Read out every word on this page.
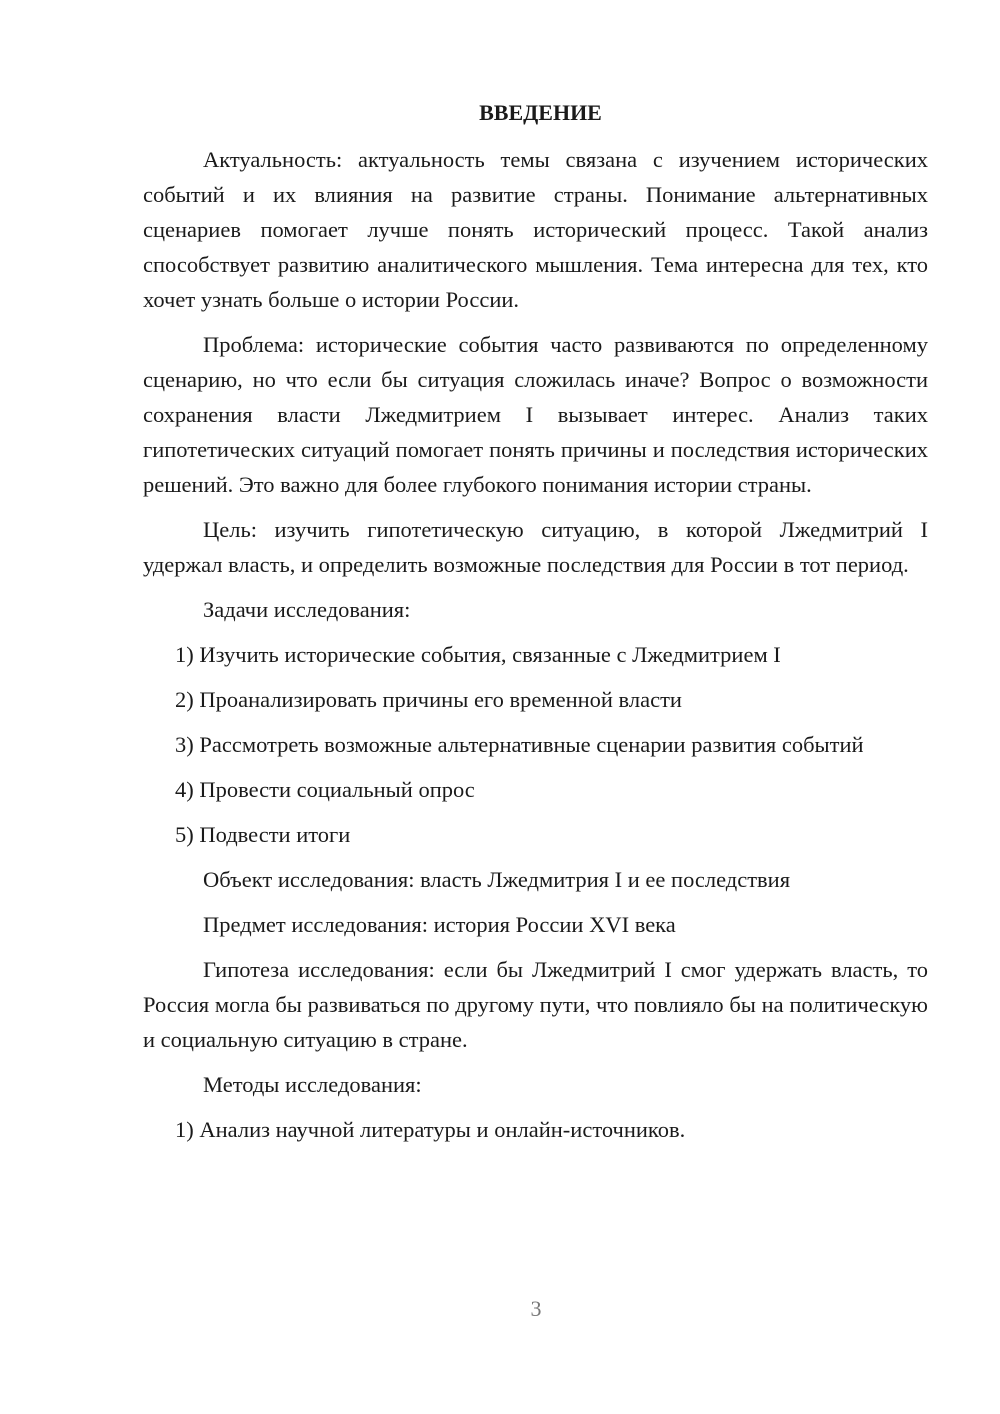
ВВЕДЕНИЕ

Актуальность: актуальность темы связана с изучением исторических событий и их влияния на развитие страны. Понимание альтернативных сценариев помогает лучше понять исторический процесс. Такой анализ способствует развитию аналитического мышления. Тема интересна для тех, кто хочет узнать больше о истории России.

Проблема: исторические события часто развиваются по определенному сценарию, но что если бы ситуация сложилась иначе? Вопрос о возможности сохранения власти Лжедмитрием I вызывает интерес. Анализ таких гипотетических ситуаций помогает понять причины и последствия исторических решений. Это важно для более глубокого понимания истории страны.

Цель: изучить гипотетическую ситуацию, в которой Лжедмитрий I удержал власть, и определить возможные последствия для России в тот период.

Задачи исследования:

1) Изучить исторические события, связанные с Лжедмитрием I

2) Проанализировать причины его временной власти

3) Рассмотреть возможные альтернативные сценарии развития событий

4) Провести социальный опрос

5) Подвести итоги

Объект исследования: власть Лжедмитрия I и ее последствия

Предмет исследования: история России XVI века

Гипотеза исследования: если бы Лжедмитрий I смог удержать власть, то Россия могла бы развиваться по другому пути, что повлияло бы на политическую и социальную ситуацию в стране.

Методы исследования:

1) Анализ научной литературы и онлайн-источников.

3
